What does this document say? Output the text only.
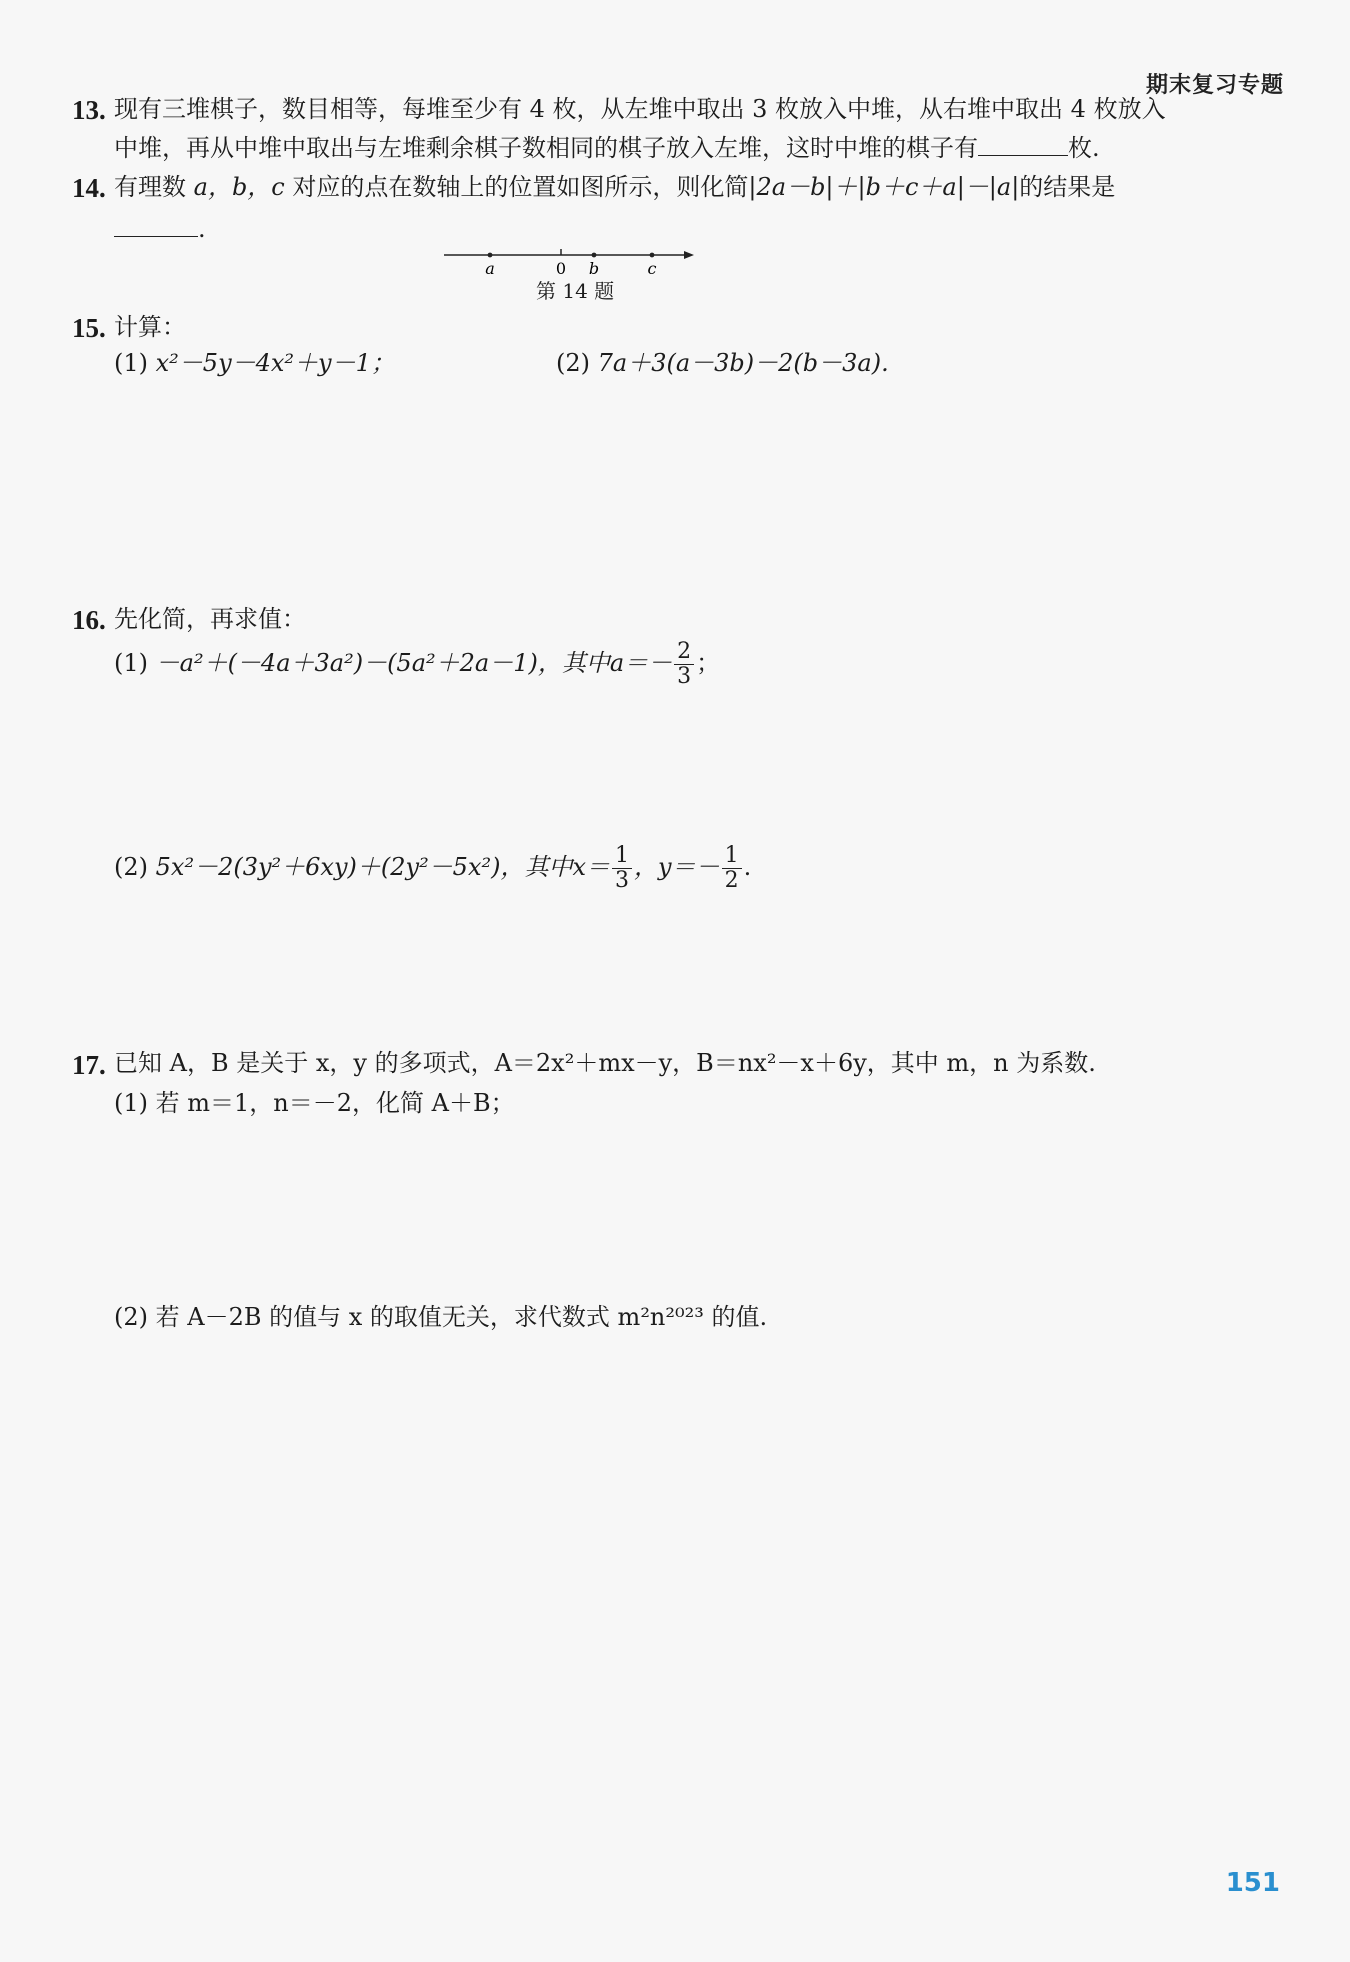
期末复习专题
13. 现有三堆棋子，数目相等，每堆至少有 4 枚，从左堆中取出 3 枚放入中堆，从右堆中取出 4 枚放入
中堆，再从中堆中取出与左堆剩余棋子数相同的棋子放入左堆，这时中堆的棋子有	枚.
14. 有理数 a，b，c 对应的点在数轴上的位置如图所示，则化简|2a－b|＋|b＋c＋a|－|a|的结果是
.
a	0 b	c
第 14 题
15. 计算：
(1) x²－5y－4x²＋y－1；	(2) 7a＋3(a－3b)－2(b－3a).
16. 先化简，再求值：
(1) －a²＋(－4a＋3a²)－(5a²＋2a－1)，其中$a=- \frac{2}{3}$ ；
(2) 5x²－2(3y²＋6xy)＋(2y²－5x²)，其中$x= \frac{1}{3}$ ，$y=- \frac{1}{2}$ .
17. 已知 A，B 是关于 x，y 的多项式，A＝2x²＋mx－y，B＝nx²－x＋6y，其中 m，n 为系数.
(1) 若 m＝1，n＝－2，化简 A＋B；
(2) 若 A－2B 的值与 x 的取值无关，求代数式 m²n²⁰²³ 的值.
151
